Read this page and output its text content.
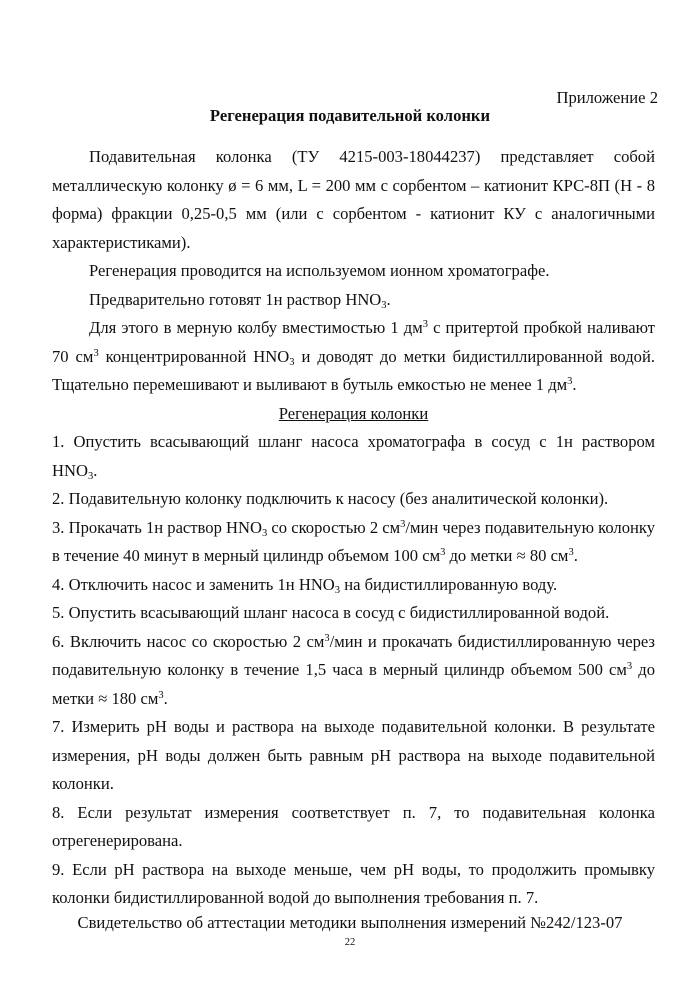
Приложение 2
Регенерация подавительной колонки

Подавительная колонка (ТУ 4215-003-18044237) представляет собой металлическую колонку ø = 6 мм, L = 200 мм с сорбентом – катионит КРС-8П (Н - 8 форма) фракции 0,25-0,5 мм (или с сорбентом - катионит КУ с аналогичными характеристиками).

Регенерация проводится на используемом ионном хроматографе.

Предварительно готовят 1н раствор $HNO_3$.

Для этого в мерную колбу вместимостью 1 $дм^3$ с притертой пробкой наливают 70 $см^3$ концентрированной $HNO_3$ и доводят до метки бидистиллированной водой. Тщательно перемешивают и выливают в бутыль емкостью не менее 1 $дм^3$.

Регенерация колонки

1. Опустить всасывающий шланг насоса хроматографа в сосуд с 1н раствором $HNO_3$.

2. Подавительную колонку подключить к насосу (без аналитической колонки).

3. Прокачать 1н раствор $HNO_3$ со скоростью 2 $см^3$/мин через подавительную колонку в течение 40 минут в мерный цилиндр объемом 100 $см^3$ до метки ≈ 80 $см^3$.

4. Отключить насос и заменить 1н $HNO_3$ на бидистиллированную воду.

5. Опустить всасывающий шланг насоса в сосуд с бидистиллированной водой.

6. Включить насос со скоростью 2 $см^3$/мин и прокачать бидистиллированную через подавительную колонку в течение 1,5 часа в мерный цилиндр объемом 500 $см^3$ до метки ≈ 180 $см^3$.

7. Измерить pH воды и раствора на выходе подавительной колонки. В результате измерения, pH воды должен быть равным pH раствора на выходе подавительной колонки.

8. Если результат измерения соответствует п. 7, то подавительная колонка отрегенерирована.

9. Если pH раствора на выходе меньше, чем pH воды, то продолжить промывку колонки бидистиллированной водой до выполнения требования п. 7.

Свидетельство об аттестации методики выполнения измерений №242/123-07
22
